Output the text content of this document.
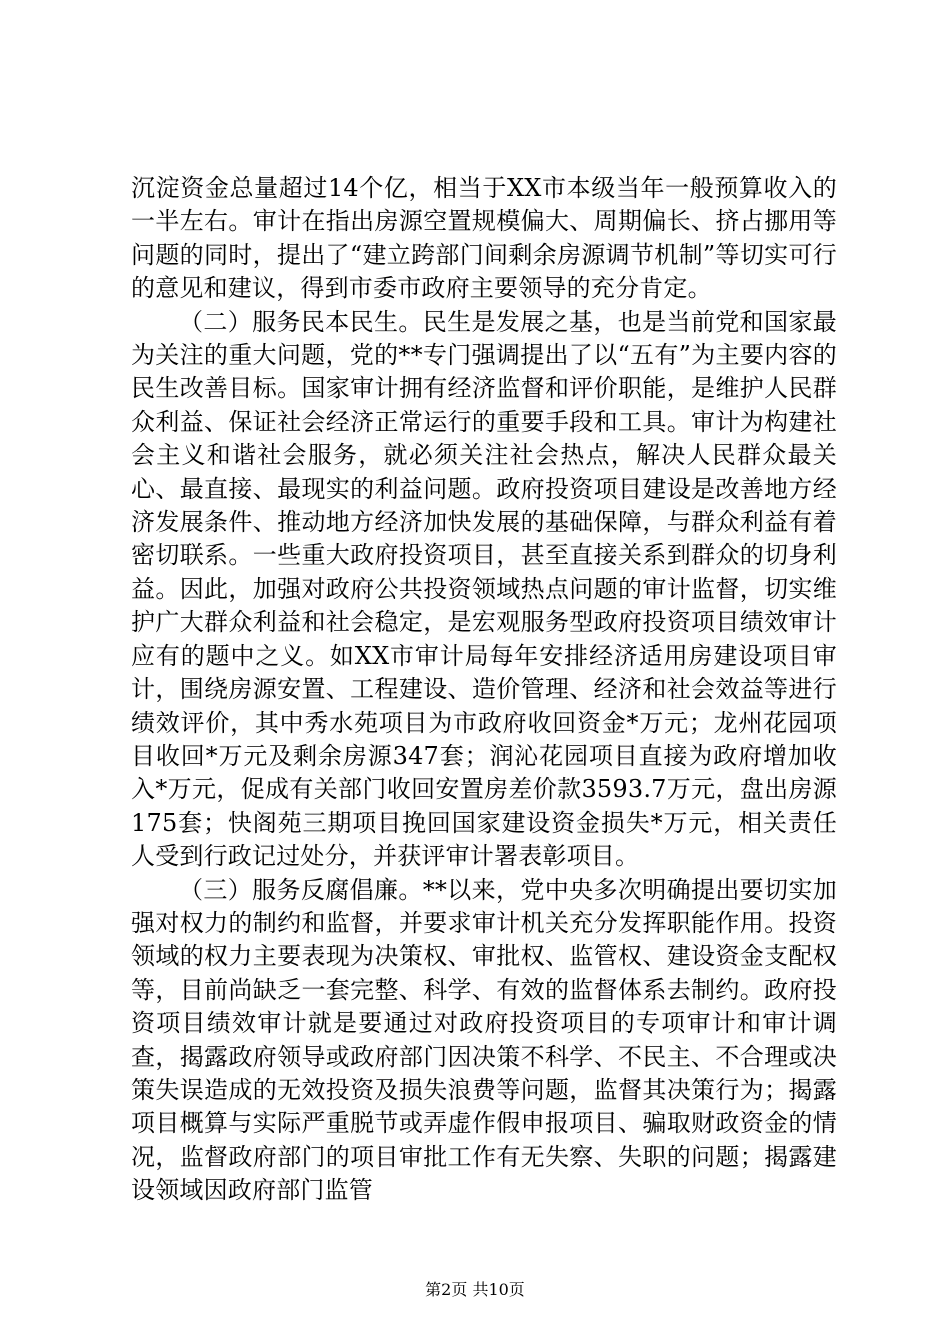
沉淀资金总量超过14个亿，相当于XX市本级当年一般预算收入的一半左右。审计在指出房源空置规模偏大、周期偏长、挤占挪用等问题的同时，提出了“建立跨部门间剩余房源调节机制”等切实可行的意见和建议，得到市委市政府主要领导的充分肯定。

（二）服务民本民生。民生是发展之基，也是当前党和国家最为关注的重大问题，党的**专门强调提出了以“五有”为主要内容的民生改善目标。国家审计拥有经济监督和评价职能，是维护人民群众利益、保证社会经济正常运行的重要手段和工具。审计为构建社会主义和谐社会服务，就必须关注社会热点，解决人民群众最关心、最直接、最现实的利益问题。政府投资项目建设是改善地方经济发展条件、推动地方经济加快发展的基础保障，与群众利益有着密切联系。一些重大政府投资项目，甚至直接关系到群众的切身利益。因此，加强对政府公共投资领域热点问题的审计监督，切实维护广大群众利益和社会稳定，是宏观服务型政府投资项目绩效审计应有的题中之义。如XX市审计局每年安排经济适用房建设项目审计，围绕房源安置、工程建设、造价管理、经济和社会效益等进行绩效评价，其中秀水苑项目为市政府收回资金*万元；龙州花园项目收回*万元及剩余房源347套；润沁花园项目直接为政府增加收入*万元，促成有关部门收回安置房差价款3593.7万元，盘出房源175套；快阁苑三期项目挽回国家建设资金损失*万元，相关责任人受到行政记过处分，并获评审计署表彰项目。

（三）服务反腐倡廉。**以来，党中央多次明确提出要切实加强对权力的制约和监督，并要求审计机关充分发挥职能作用。投资领域的权力主要表现为决策权、审批权、监管权、建设资金支配权等，目前尚缺乏一套完整、科学、有效的监督体系去制约。政府投资项目绩效审计就是要通过对政府投资项目的专项审计和审计调查，揭露政府领导或政府部门因决策不科学、不民主、不合理或决策失误造成的无效投资及损失浪费等问题，监督其决策行为；揭露项目概算与实际严重脱节或弄虚作假申报项目、骗取财政资金的情况，监督政府部门的项目审批工作有无失察、失职的问题；揭露建设领域因政府部门监管

第2页 共10页
